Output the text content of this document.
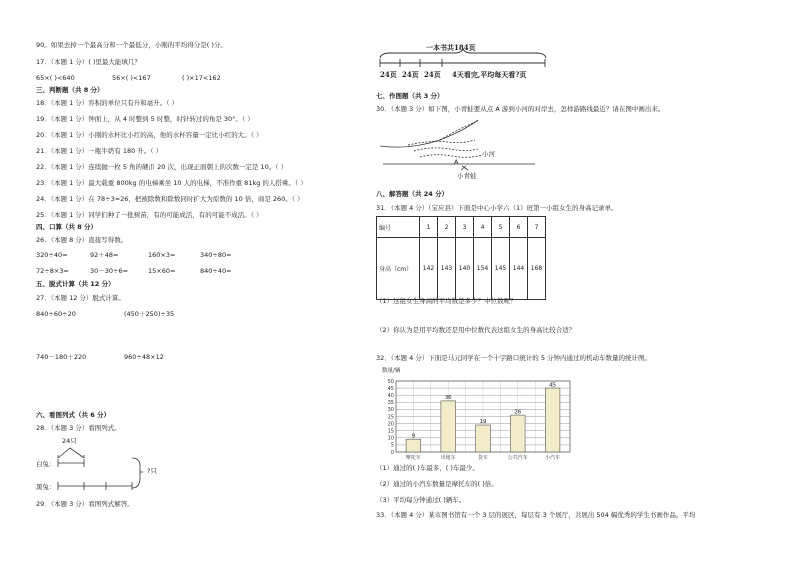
90。如果去掉一个最高分和一个最低分，小刚的平均得分是( )分。
17．（本题 1 分）( )里最大能填几？
65×( )<640	56×( )<167	( )×17<162
三、判断题（共 8 分）
18．（本题 1 分）容积的单位只有升和毫升。（ ）
19．（本题 1 分）钟面上，从 4 时整到 5 时整，时针转过的角是 30°。（ ）
20．（本题 1 分）小刚的水杯比小红的高，他的水杯容量一定比小红的大。（ ）
21．（本题 1 分）一瓶牛奶有 180 升。（ ）
22．（本题 1 分）连续抛一枚 5 角的硬币 20 次，出现正面朝上的次数一定是 10。（ ）
23．（本题 1 分）最大载重 800kg 的电梯乘坐 10 人的电梯，不准作重 81kg 的人搭乘。（ ）
24．（本题 1 分）在 78÷3=26，把被除数和除数同时扩大为原数的 10 倍，商是 260。（ ）
25．（本题 1 分）同学们种了一批树苗，有的可能成活，有的可能不成活。（ ）
四、口算（共 8 分）
26．（本题 8 分）直接写得数。
320÷40=	92＋48=	160×3=	340÷80=
72÷8×3=	30－30÷6=	15×60=	840÷40=
五、脱式计算（共 12 分）
27．（本题 12 分）脱式计算。
840÷60÷20	(450＋250)÷35
740－180＋220	960÷48×12
六、看图列式（共 6 分）
28．（本题 3 分）看图列式。
24只
白兔：
黑兔：
?只
29．（本题 3 分）看图列式解答。
一本书共184页
24页 24页 24页 4天看完,平均每天看?页
七、作图题（共 3 分）
30．（本题 3 分）如下图，小青蛙要从点 A 游到小河的对岸去，怎样游路线最近？请在图中画出来。
小河
A
小青蛙
八、解答题（共 24 分）
31．（本题 4 分）（宝应县）下面是中心小学六（1）班第一小组女生的身高记录单。
编号	1	2	3	4	5	6	7
身高（cm）	142	143	140	154	145	144	168
（1）这组女生身高的平均数是多少？中位数呢？
（2）你认为是用平均数还是用中位数代表这组女生的身高比较合适？
32．（本题 4 分）下面是马元同学在一个十字路口统计的 5 分钟内通过的机动车数量的统计图。
数量/辆
0
5
10
15
20
25
30
35
40
45
50
9
摩托车
36
出租车
19
货车
26
公共汽车
45
小汽车
（1）通过的( )车最多，( )车最少。
（2）通过的小汽车数量是摩托车的( )倍。
（3）平均每分钟通过( )辆车。
33．（本题 4 分）某市图书馆有一个 3 层的展区，每层有 3 个展厅，共展出 504 幅优秀的学生书画作品。平均
